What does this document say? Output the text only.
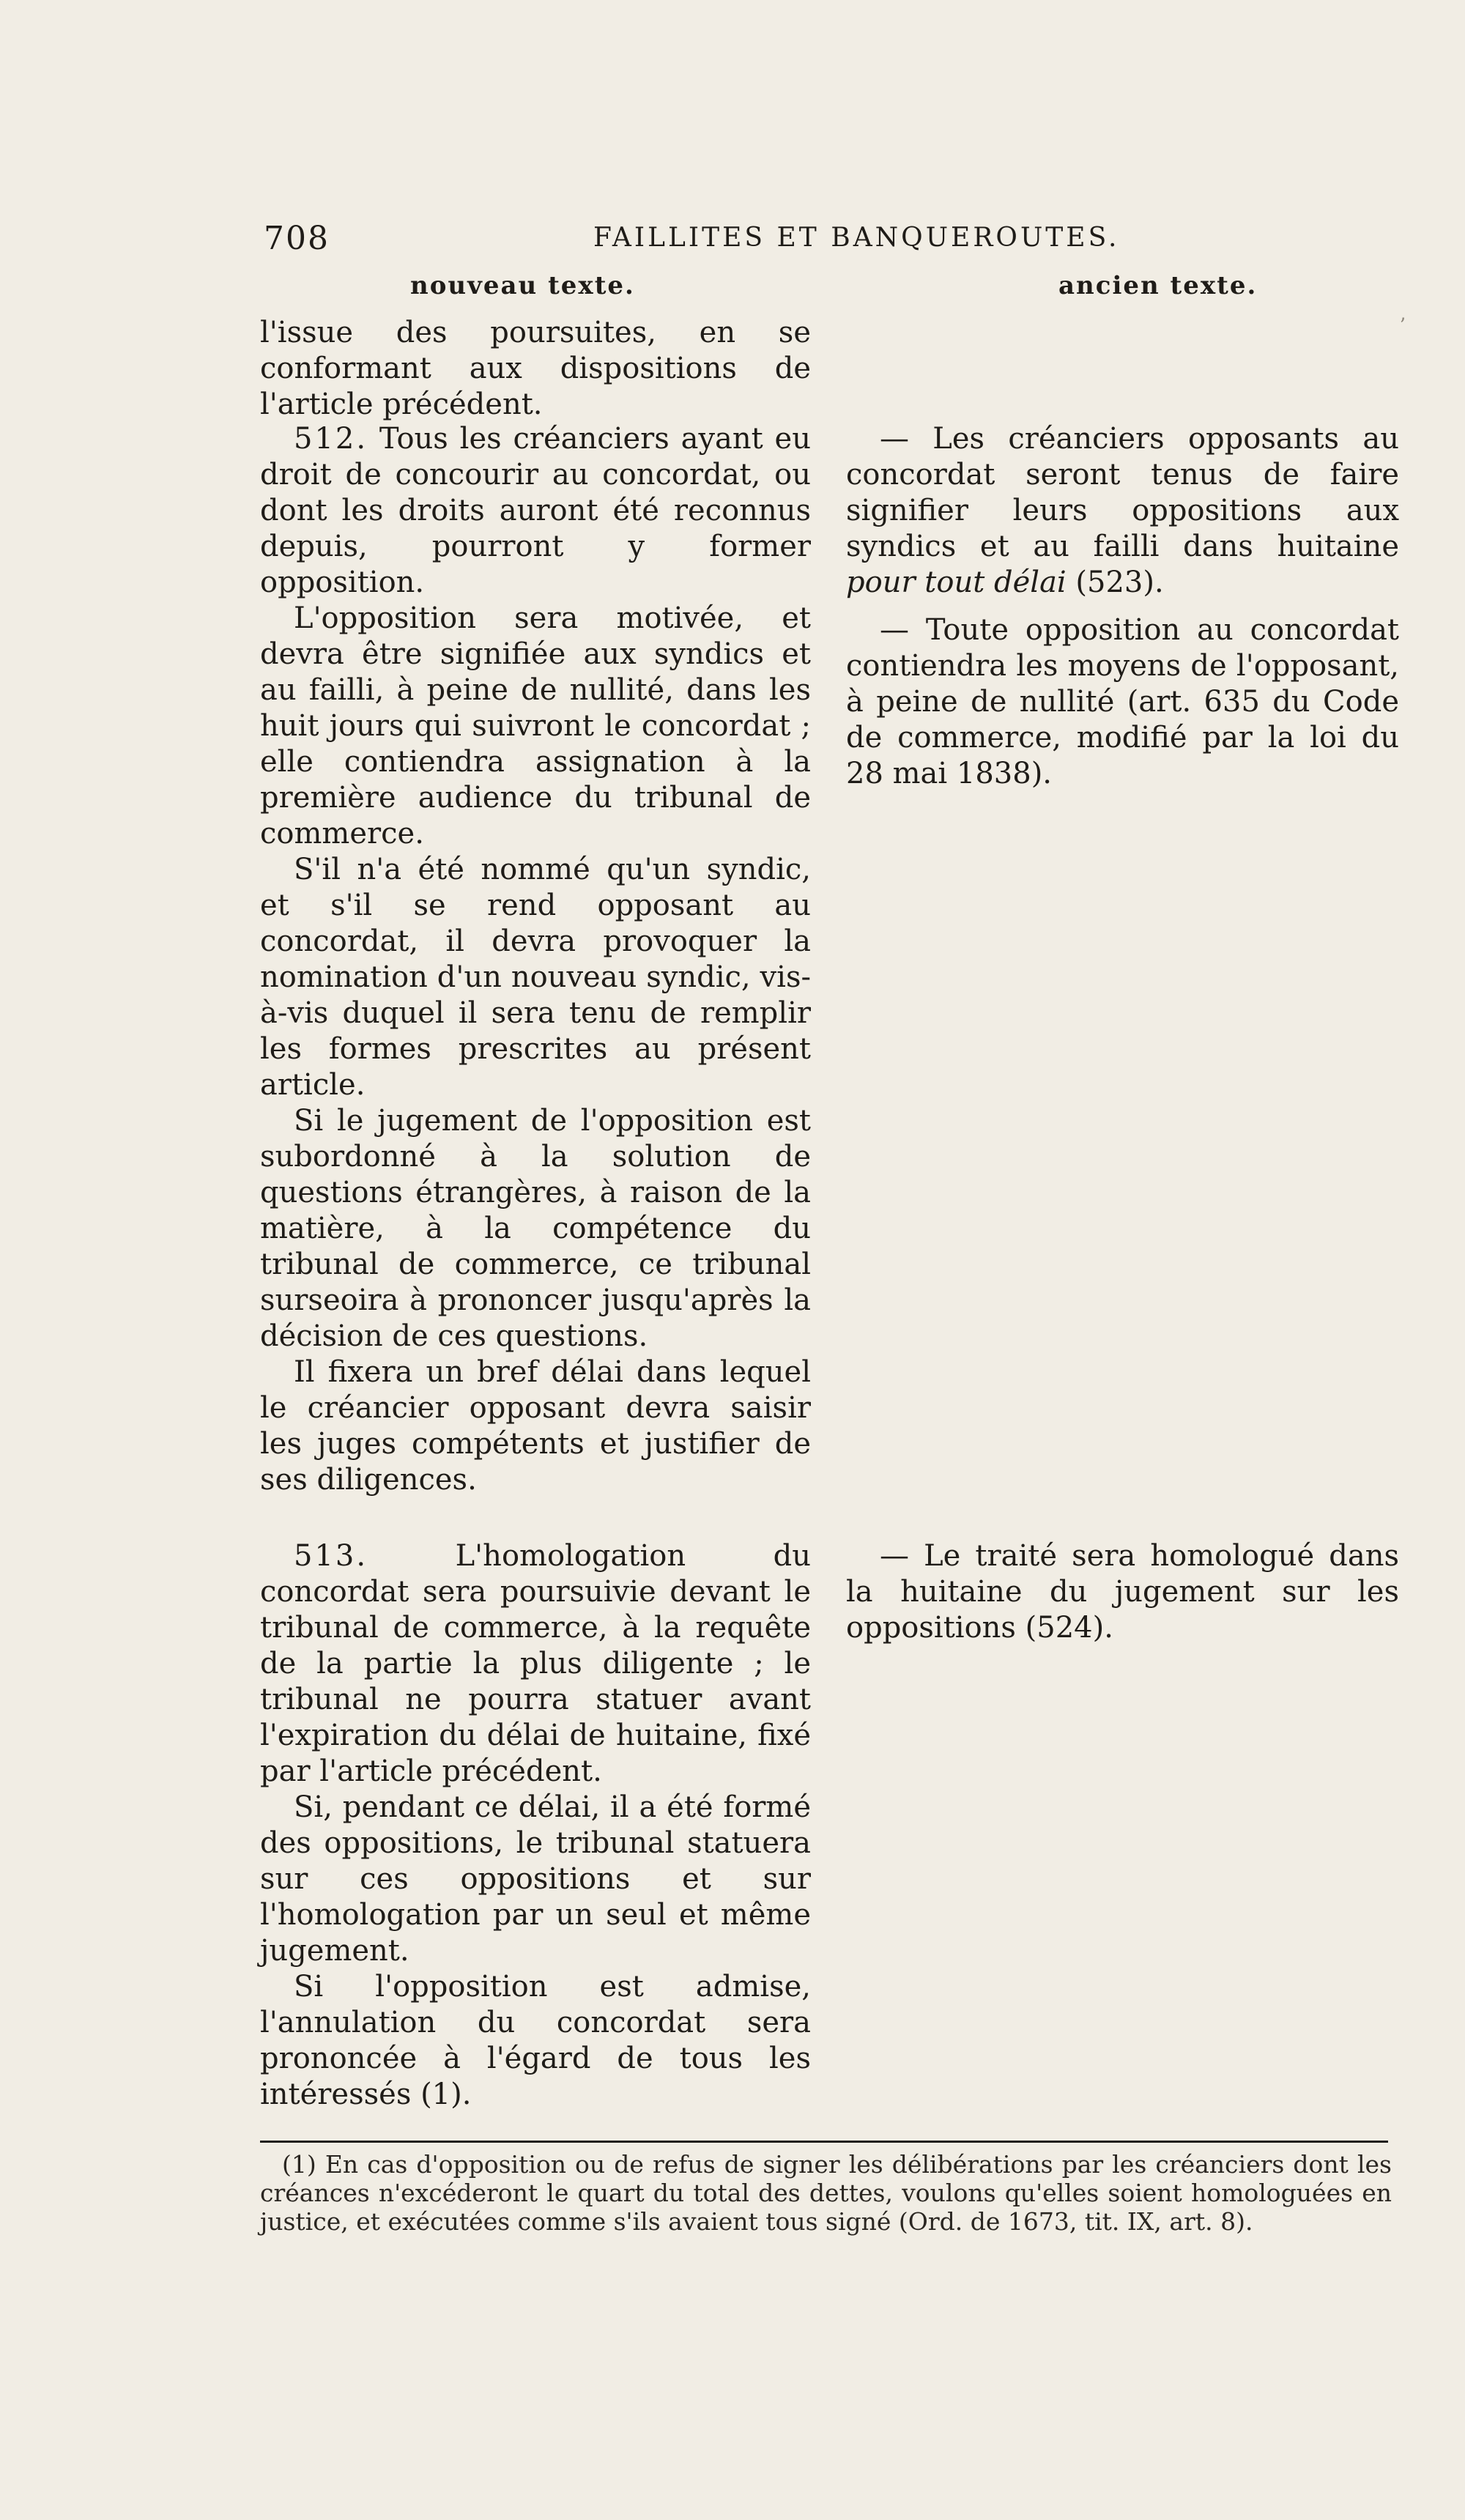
708	FAILLITES ET BANQUEROUTES.
nouveau texte.	ancien texte.
ʼ

l'issue des poursuites, en se conformant aux dispositions de l'article précédent.

512. Tous les créanciers ayant eu droit de concourir au concordat, ou dont les droits auront été reconnus depuis, pourront y former opposition.

L'opposition sera motivée, et devra être signifiée aux syndics et au failli, à peine de nullité, dans les huit jours qui suivront le concordat ; elle contiendra assignation à la première audience du tribunal de commerce.

S'il n'a été nommé qu'un syndic, et s'il se rend opposant au concordat, il devra provoquer la nomination d'un nouveau syndic, vis-à-vis duquel il sera tenu de remplir les formes prescrites au présent article.

Si le jugement de l'opposition est subordonné à la solution de questions étrangères, à raison de la matière, à la compétence du tribunal de commerce, ce tribunal surseoira à prononcer jusqu'après la décision de ces questions.

Il fixera un bref délai dans lequel le créancier opposant devra saisir les juges compétents et justifier de ses diligences.

513. L'homologation du concordat sera poursuivie devant le tribunal de commerce, à la requête de la partie la plus diligente ; le tribunal ne pourra statuer avant l'expiration du délai de huitaine, fixé par l'article précédent.

Si, pendant ce délai, il a été formé des oppositions, le tribunal statuera sur ces oppositions et sur l'homologation par un seul et même jugement.

Si l'opposition est admise, l'annulation du concordat sera prononcée à l'égard de tous les intéressés (1).

— Les créanciers opposants au concordat seront tenus de faire signifier leurs oppositions aux syndics et au failli dans huitaine pour tout délai (523).

— Toute opposition au concordat contiendra les moyens de l'opposant, à peine de nullité (art. 635 du Code de commerce, modifié par la loi du 28 mai 1838).

— Le traité sera homologué dans la huitaine du jugement sur les oppositions (524).

(1) En cas d'opposition ou de refus de signer les délibérations par les créanciers dont les créances n'excéderont le quart du total des dettes, voulons qu'elles soient homologuées en justice, et exécutées comme s'ils avaient tous signé (Ord. de 1673, tit. IX, art. 8).
